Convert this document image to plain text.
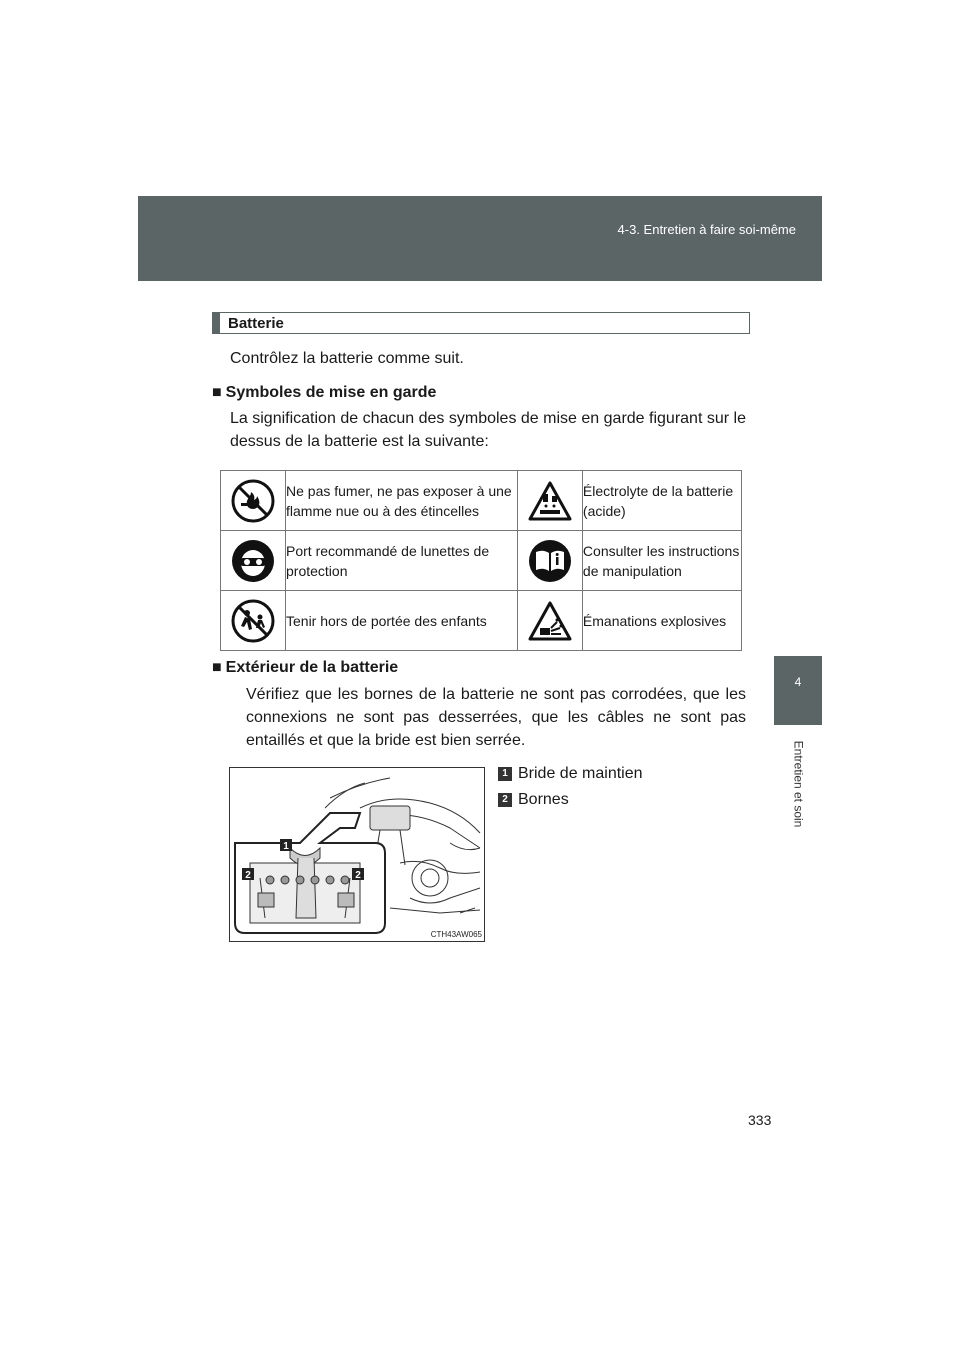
4-3. Entretien à faire soi-même
4
Entretien et soin
Batterie
Contrôlez la batterie comme suit.
■ Symboles de mise en garde
La signification de chacun des symboles de mise en garde figurant sur le dessus de la batterie est la suivante:
	Ne pas fumer, ne pas exposer à une flamme nue ou à des étincelles		Électrolyte de la batterie (acide)

	Port recommandé de lunettes de protection		Consulter les instructions de manipulation

	Tenir hors de portée des enfants		Émanations explosives
■ Extérieur de la batterie
Vérifiez que les bornes de la batterie ne sont pas corrodées, que les connexions ne sont pas desserrées, que les câbles ne sont pas entaillés et que la bride est bien serrée.
1
2	2
CTH43AW065
1 Bride de maintien
2 Bornes
333
